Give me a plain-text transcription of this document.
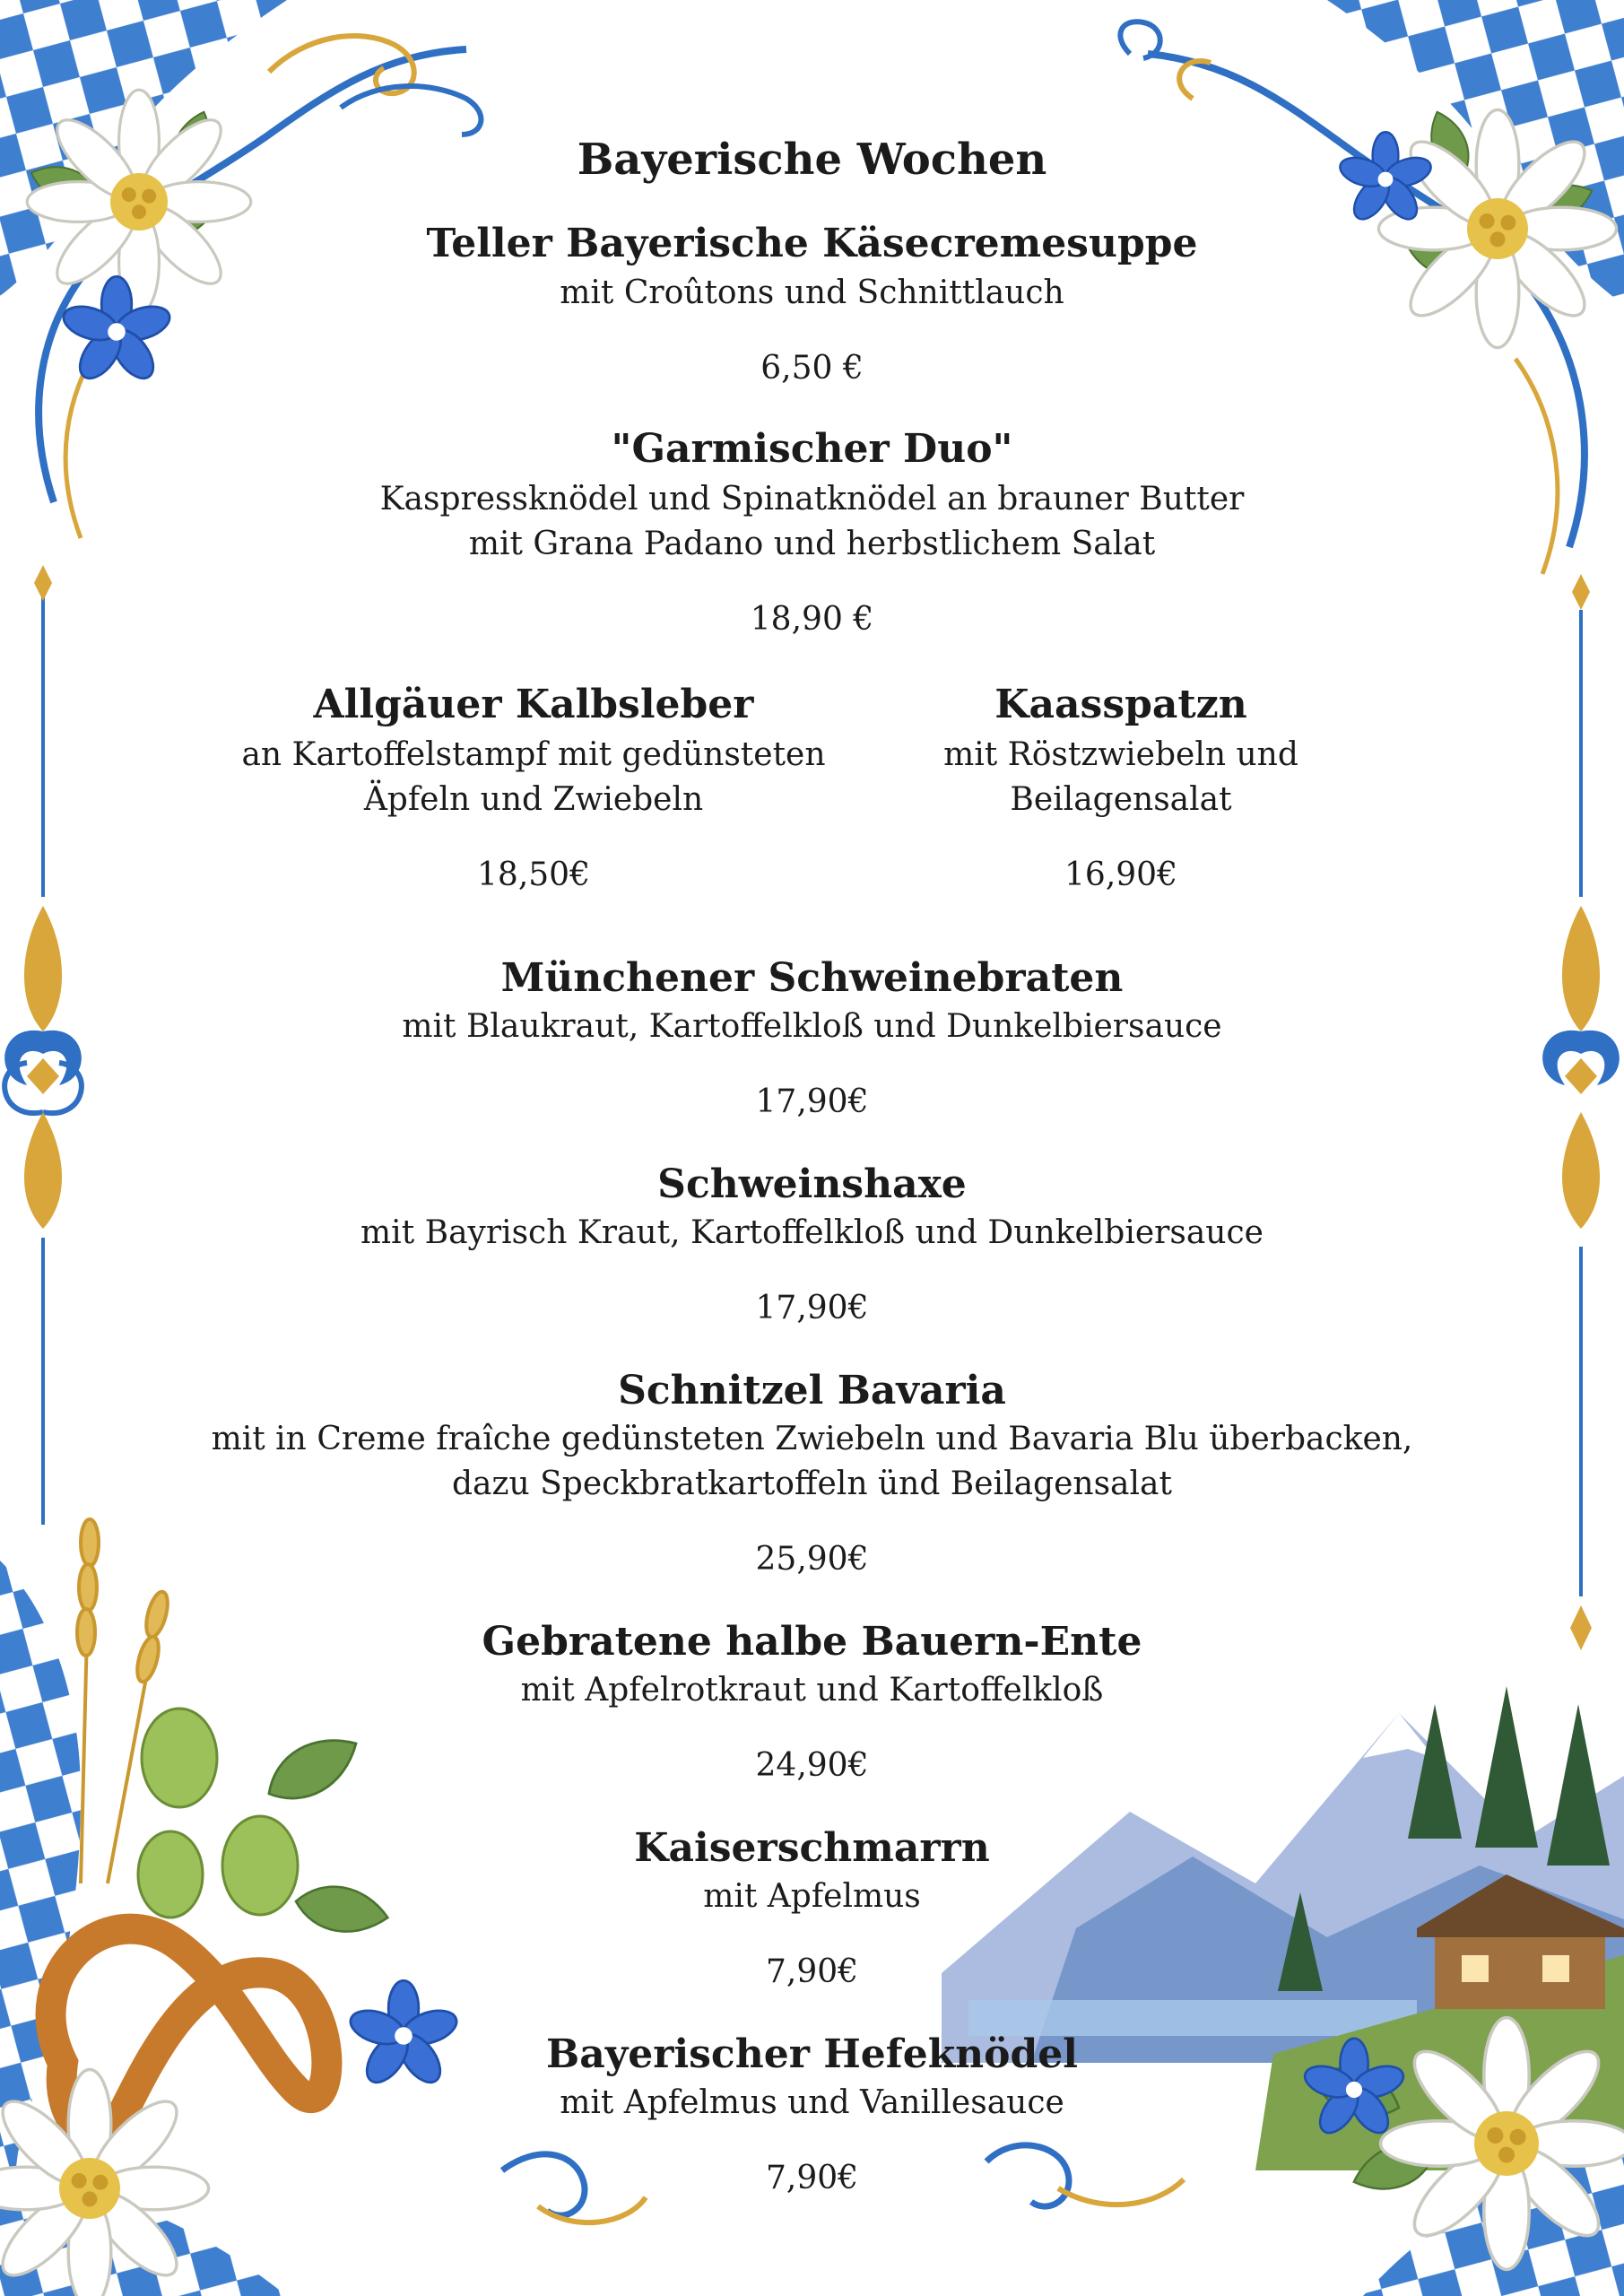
Bayerische Wochen
Teller Bayerische Käsecremesuppe
mit Croûtons und Schnittlauch
6,50 €
"Garmischer Duo"
Kaspressknödel und Spinatknödel an brauner Butter
mit Grana Padano und herbstlichem Salat
18,90 €
Allgäuer Kalbsleber
an Kartoffelstampf mit gedünsteten
Äpfeln und Zwiebeln
18,50€
Kaasspatzn
mit Röstzwiebeln und
Beilagensalat
16,90€
Münchener Schweinebraten
mit Blaukraut, Kartoffelkloß und Dunkelbiersauce
17,90€
Schweinshaxe
mit Bayrisch Kraut, Kartoffelkloß und Dunkelbiersauce
17,90€
Schnitzel Bavaria
mit in Creme fraîche gedünsteten Zwiebeln und Bavaria Blu überbacken,
dazu Speckbratkartoffeln ünd Beilagensalat
25,90€
Gebratene halbe Bauern-Ente
mit Apfelrotkraut und Kartoffelkloß
24,90€
Kaiserschmarrn
mit Apfelmus
7,90€
Bayerischer Hefeknödel
mit Apfelmus und Vanillesauce
7,90€
